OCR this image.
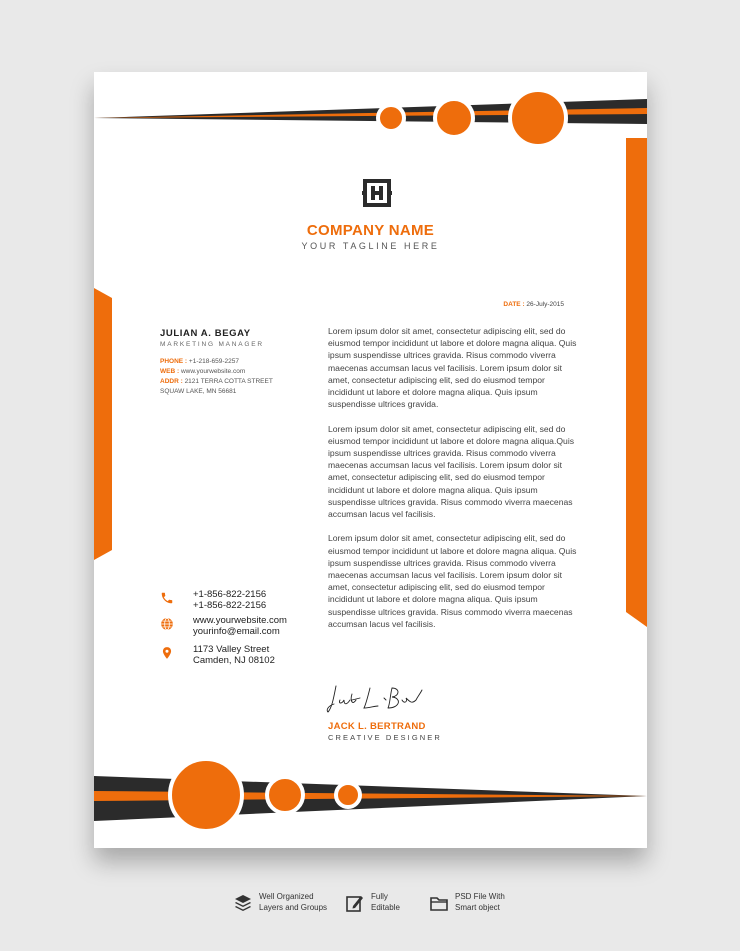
COMPANY NAME
YOUR TAGLINE HERE
DATE : 26-July-2015
JULIAN A. BEGAY
MARKETING MANAGER
PHONE : +1-218-659-2257
WEB : www.yourwebsite.com
ADDR : 2121 TERRA COTTA STREET
SQUAW LAKE, MN 56681
+1-856-822-2156
+1-856-822-2156
www.yourwebsite.com
yourinfo@email.com
1173 Valley Street
Camden, NJ 08102

Lorem ipsum dolor sit amet, consectetur adipiscing elit, sed do eiusmod tempor incididunt ut labore et dolore magna aliqua. Quis ipsum suspendisse ultrices gravida. Risus commodo viverra maecenas accumsan lacus vel facilisis. Lorem ipsum dolor sit amet, consectetur adipiscing elit, sed do eiusmod tempor incididunt ut labore et dolore magna aliqua. Quis ipsum suspendisse ultrices gravida.

Lorem ipsum dolor sit amet, consectetur adipiscing elit, sed do eiusmod tempor incididunt ut labore et dolore magna aliqua.Quis ipsum suspendisse ultrices gravida. Risus commodo viverra maecenas accumsan lacus vel facilisis. Lorem ipsum dolor sit amet, consectetur adipiscing elit, sed do eiusmod tempor incididunt ut labore et dolore magna aliqua. Quis ipsum suspendisse ultrices gravida. Risus commodo viverra maecenas accumsan lacus vel facilisis.

Lorem ipsum dolor sit amet, consectetur adipiscing elit, sed do eiusmod tempor incididunt ut labore et dolore magna aliqua. Quis ipsum suspendisse ultrices gravida. Risus commodo viverra maecenas accumsan lacus vel facilisis. Lorem ipsum dolor sit amet, consectetur adipiscing elit, sed do eiusmod tempor incididunt ut labore et dolore magna aliqua. Quis ipsum suspendisse ultrices gravida. Risus commodo viverra maecenas accumsan lacus vel facilisis.

JACK L. BERTRAND
CREATIVE DESIGNER
Well Organized
Layers and Groups
Fully
Editable
PSD File With
Smart object
